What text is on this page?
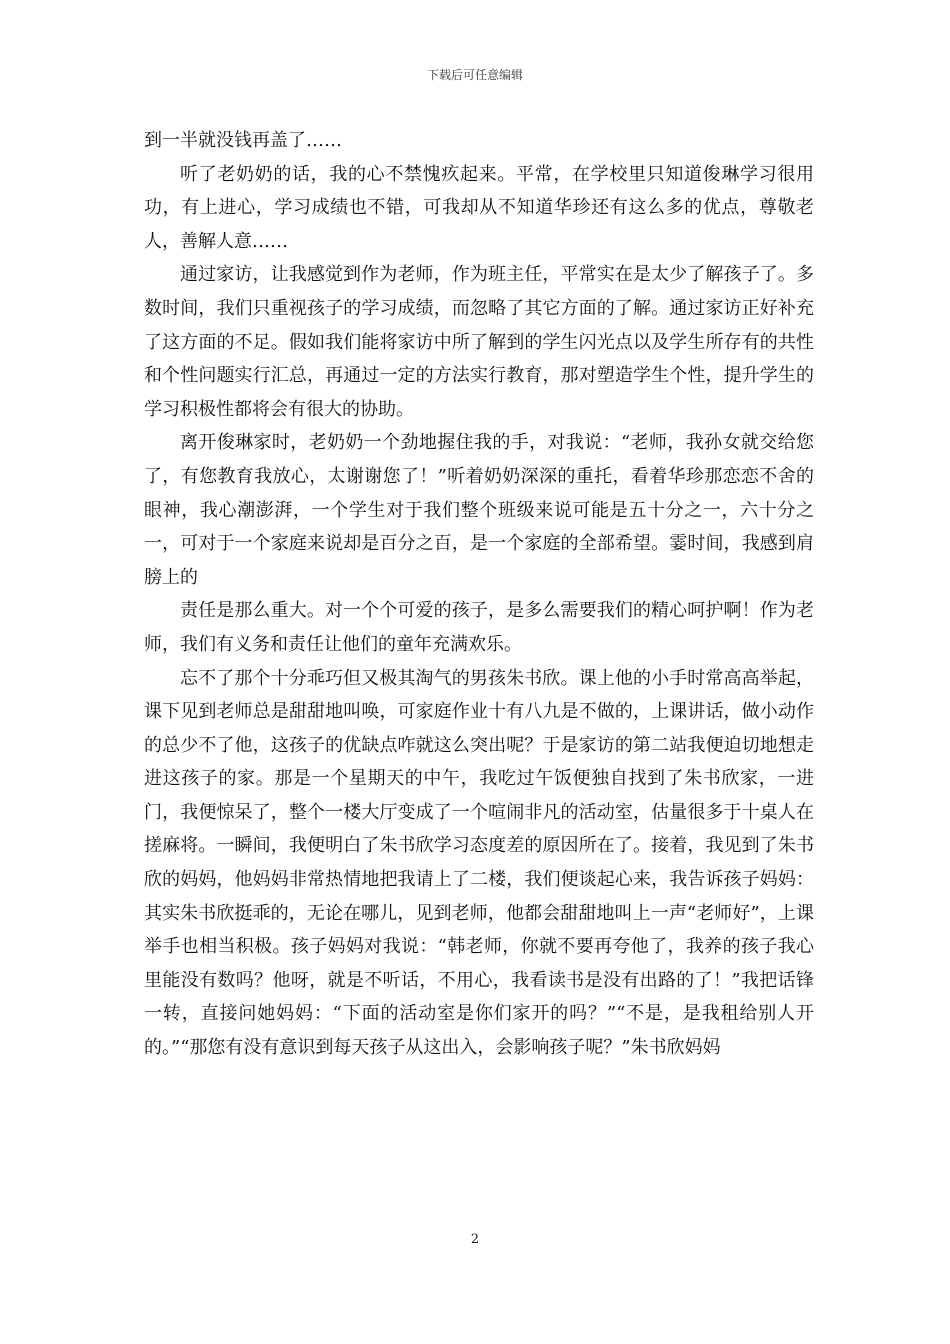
下载后可任意编辑

到一半就没钱再盖了……

听了老奶奶的话，我的心不禁愧疚起来。平常，在学校里只知道俊琳学习很用功，有上进心，学习成绩也不错，可我却从不知道华珍还有这么多的优点，尊敬老人，善解人意……

通过家访，让我感觉到作为老师，作为班主任，平常实在是太少了解孩子了。多数时间，我们只重视孩子的学习成绩，而忽略了其它方面的了解。通过家访正好补充了这方面的不足。假如我们能将家访中所了解到的学生闪光点以及学生所存有的共性和个性问题实行汇总，再通过一定的方法实行教育，那对塑造学生个性，提升学生的学习积极性都将会有很大的协助。

离开俊琳家时，老奶奶一个劲地握住我的手，对我说：“老师，我孙女就交给您了，有您教育我放心，太谢谢您了！”听着奶奶深深的重托，看着华珍那恋恋不舍的眼神，我心潮澎湃，一个学生对于我们整个班级来说可能是五十分之一，六十分之一，可对于一个家庭来说却是百分之百，是一个家庭的全部希望。霎时间，我感到肩膀上的

责任是那么重大。对一个个可爱的孩子，是多么需要我们的精心呵护啊！作为老师，我们有义务和责任让他们的童年充满欢乐。

忘不了那个十分乖巧但又极其淘气的男孩朱书欣。课上他的小手时常高高举起，课下见到老师总是甜甜地叫唤，可家庭作业十有八九是不做的，上课讲话，做小动作的总少不了他，这孩子的优缺点咋就这么突出呢？于是家访的第二站我便迫切地想走进这孩子的家。那是一个星期天的中午，我吃过午饭便独自找到了朱书欣家，一进门，我便惊呆了，整个一楼大厅变成了一个喧闹非凡的活动室，估量很多于十桌人在搓麻将。一瞬间，我便明白了朱书欣学习态度差的原因所在了。接着，我见到了朱书欣的妈妈，他妈妈非常热情地把我请上了二楼，我们便谈起心来，我告诉孩子妈妈：其实朱书欣挺乖的，无论在哪儿，见到老师，他都会甜甜地叫上一声“老师好”，上课举手也相当积极。孩子妈妈对我说：“韩老师，你就不要再夸他了，我养的孩子我心里能没有数吗？他呀，就是不听话，不用心，我看读书是没有出路的了！”我把话锋一转，直接问她妈妈：“下面的活动室是你们家开的吗？”“不是，是我租给别人开的。”“那您有没有意识到每天孩子从这出入，会影响孩子呢？”朱书欣妈妈

2
